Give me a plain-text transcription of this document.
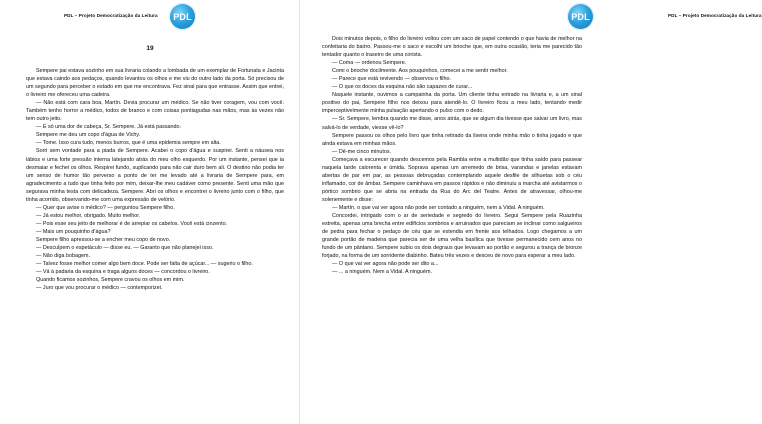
PDL – Projeto Democratização da Leitura PDL
19

Sempere pai estava sozinho em sua livraria colando a lombada de um exemplar de Fortunata e Jacinta que estava caindo aos pedaços, quando levantou os olhos e me viu do outro lado da porta. Só precisou de um segundo para perceber o estado em que me encontrava. Fez sinal para que entrasse. Assim que entrei, o livreiro me ofereceu uma cadeira.

— Não está com cara boa, Martín. Devia procurar um médico. Se não tiver coragem, vou com você. Também tenho horror a médico, todos de branco e com coisas pontiagudas nas mãos, mas às vezes não tem outro jeito.

— É só uma dor de cabeça, Sr. Sempere. Já está passando.

Sempere me deu um copo d'água de Vichy.

— Tome. Isso cura tudo, menos burros, que é uma epidemia sempre em alta.

Sorri sem vontade para a piada de Sempere. Acabei o copo d'água e suspirei. Senti a náusea nos lábios e uma forte pressão interna latejando atrás do meu olho esquerdo. Por um instante, pensei que ia desmaiar e fechei os olhos. Respirei fundo, suplicando para não cair duro bem ali. O destino não podia ter um senso de humor tão perverso a ponto de ter me levado até a livraria de Sempere para, em agradecimento a tudo que tinha feito por mim, deixar-lhe meu cadáver como presente. Senti uma mão que segurava minha testa com delicadeza. Sempere. Abri os olhos e encontrei o livreiro junto com o filho, que tinha acorrido, observando-me com uma expressão de velório.

— Quer que avise o médico? — perguntou Sempere filho.

— Já estou melhor, obrigado. Muito melhor.

— Pois esse seu jeito de melhorar é de arrepiar os cabelos. Você está cinzento.

— Mais um pouquinho d'água?

Sempere filho apressou-se a encher meu copo de novo.

— Desculpem o espetáculo — disse eu. — Garanto que não planejei isso.

— Não diga bobagem.

— Talvez fosse melhor comer algo bem doce. Pode ser falta de açúcar... — sugeriu o filho.

— Vá à padaria da esquina e traga alguns doces — concordou o livreiro.

Quando ficamos sozinhos, Sempere cravou os olhos em mim.

— Juro que vou procurar o médico — contemporizei.

PDL – Projeto Democratização da Leitura
PDL

Dois minutos depois, o filho do livreiro voltou com um saco de papel contendo o que havia de melhor na confeitaria do bairro. Passou-me o saco e escolhi um brioche que, em outra ocasião, teria me parecido tão tentador quanto o traseiro de uma corista.

— Coma — ordenou Sempere.

Comi o brioche docilmente. Aos pouquinhos, comecei a me sentir melhor.

— Parece que está revivendo — observou o filho.

— O que os doces da esquina não são capazes de curar...

Naquele instante, ouvimos a campainha da porta. Um cliente tinha entrado na livraria e, a um sinal positivo do pai, Sempere filho nos deixou para atendê-lo. O livreiro ficou a meu lado, tentando medir imperceptivelmente minha pulsação apertando o pulso com o dedo.

— Sr. Sempere, lembra quando me disse, anos atrás, que se algum dia tivesse que salvar um livro, mas salvá-lo de verdade, viesse vê-lo?

Sempere passou os olhos pelo livro que tinha retirado da lixeira onde minha mão o tinha jogado e que ainda estava em minhas mãos.

— Dê-me cinco minutos.

Começava a escurecer quando descemos pela Rambla entre a multidão que tinha saído para passear naquela tarde calorenta e úmida. Soprava apenas um arremedo de brisa, varandas e janelas estavam abertas de par em par, as pessoas debruçadas contemplando aquele desfile de silhuetas sob o céu inflamado, cor de âmbar. Sempere caminhava em passos rápidos e não diminuiu a marcha até avistarmos o pórtico sombrio que se abria na entrada da Rua do Arc del Teatre. Antes de atravessar, olhou-me solenemente e disse:

— Martín, o que vai ver agora não pode ser contado a ninguém, nem a Vidal. A ninguém.

Concordei, intrigado com o ar de seriedade e segredo do livreiro. Segui Sempere pela Ruazinha estreita, apenas uma brecha entre edifícios sombrios e arruinados que pareciam se inclinar como salgueiros de pedra para fechar o pedaço de céu que se estendia em frente aos telhados. Logo chegamos a um grande portão de madeira que parecia ser de uma velha basílica que tivesse permanecido cem anos no fundo de um pântano. Sempere subiu os dois degraus que levavam ao portão e segurou a trança de bronze forjado, na forma de um sorridente diabinho. Bateu três vezes e desceu de novo para esperar a meu lado.

— O que vai ver agora não pode ser dito a...

— ... a ninguém. Nem a Vidal. A ninguém.
